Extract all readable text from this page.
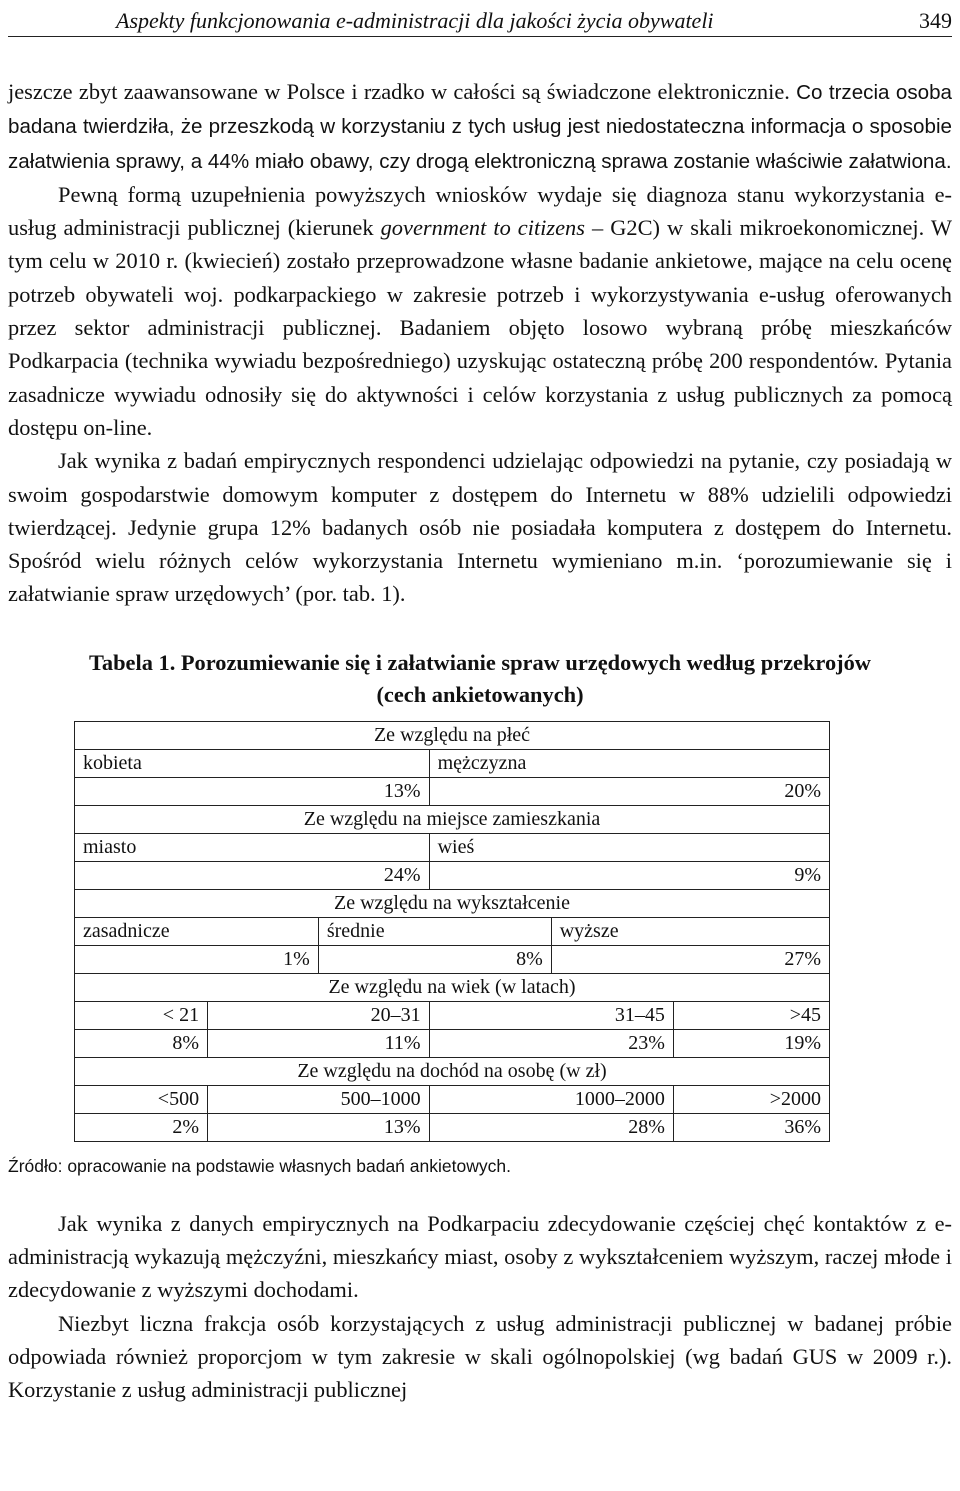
Aspekty funkcjonowania e-administracji dla jakości życia obywateli	349

jeszcze zbyt zaawansowane w Polsce i rzadko w całości są świadczone elektronicznie. Co trzecia osoba badana twierdziła, że przeszkodą w korzystaniu z tych usług jest niedostateczna informacja o sposobie załatwienia sprawy, a 44% miało obawy, czy drogą elektroniczną sprawa zostanie właściwie załatwiona.

Pewną formą uzupełnienia powyższych wniosków wydaje się diagnoza stanu wykorzystania e-usług administracji publicznej (kierunek government to citizens – G2C) w skali mikroekonomicznej. W tym celu w 2010 r. (kwiecień) zostało przeprowadzone własne badanie ankietowe, mające na celu ocenę potrzeb obywateli woj. podkarpackiego w zakresie potrzeb i wykorzystywania e-usług oferowanych przez sektor administracji publicznej. Badaniem objęto losowo wybraną próbę mieszkańców Podkarpacia (technika wywiadu bezpośredniego) uzyskując ostateczną próbę 200 respondentów. Pytania zasadnicze wywiadu odnosiły się do aktywności i celów korzystania z usług publicznych za pomocą dostępu on-line.

Jak wynika z badań empirycznych respondenci udzielając odpowiedzi na pytanie, czy posiadają w swoim gospodarstwie domowym komputer z dostępem do Internetu w 88% udzielili odpowiedzi twierdzącej. Jedynie grupa 12% badanych osób nie posiadała komputera z dostępem do Internetu. Spośród wielu różnych celów wykorzystania Internetu wymieniano m.in. ‘porozumiewanie się i załatwianie spraw urzędowych’ (por. tab. 1).

Tabela 1. Porozumiewanie się i załatwianie spraw urzędowych według przekrojów
(cech ankietowanych)
Ze względu na płeć					
kobieta			mężczyzna		
13%			20%		
Ze względu na miejsce zamieszkania					
miasto			wieś		
24%			9%		
Ze względu na wykształcenie					
zasadnicze		średnie		wyższe	
1%		8%		27%	
Ze względu na wiek (w latach)					
< 21	20–31		31–45		>45
8%	11%		23%		19%
Ze względu na dochód na osobę (w zł)					
<500	500–1000		1000–2000		>2000
2%	13%		28%		36%
Źródło: opracowanie na podstawie własnych badań ankietowych.

Jak wynika z danych empirycznych na Podkarpaciu zdecydowanie częściej chęć kontaktów z e-administracją wykazują mężczyźni, mieszkańcy miast, osoby z wykształceniem wyższym, raczej młode i zdecydowanie z wyższymi dochodami.

Niezbyt liczna frakcja osób korzystających z usług administracji publicznej w badanej próbie odpowiada również proporcjom w tym zakresie w skali ogólnopolskiej (wg badań GUS w 2009 r.). Korzystanie z usług administracji publicznej
